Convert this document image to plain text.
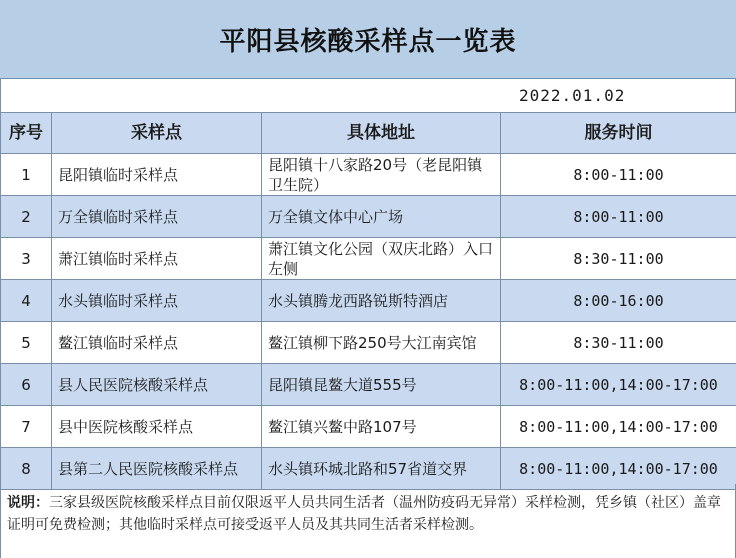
平阳县核酸采样点一览表
2022.01.02
序号	采样点	具体地址	服务时间
1	昆阳镇临时采样点	昆阳镇十八家路20号（老昆阳镇卫生院）	8:00-11:00
2	万全镇临时采样点	万全镇文体中心广场	8:00-11:00
3	萧江镇临时采样点	萧江镇文化公园（双庆北路）入口左侧	8:30-11:00
4	水头镇临时采样点	水头镇腾龙西路锐斯特酒店	8:00-16:00
5	鳌江镇临时采样点	鳌江镇柳下路250号大江南宾馆	8:30-11:00
6	县人民医院核酸采样点	昆阳镇昆鳌大道555号	8:00-11:00,14:00-17:00
7	县中医院核酸采样点	鳌江镇兴鳌中路107号	8:00-11:00,14:00-17:00
8	县第二人民医院核酸采样点	水头镇环城北路和57省道交界	8:00-11:00,14:00-17:00
说明：三家县级医院核酸采样点目前仅限返平人员共同生活者（温州防疫码无异常）采样检测，凭乡镇（社区）盖章证明可免费检测；其他临时采样点可接受返平人员及其共同生活者采样检测。
